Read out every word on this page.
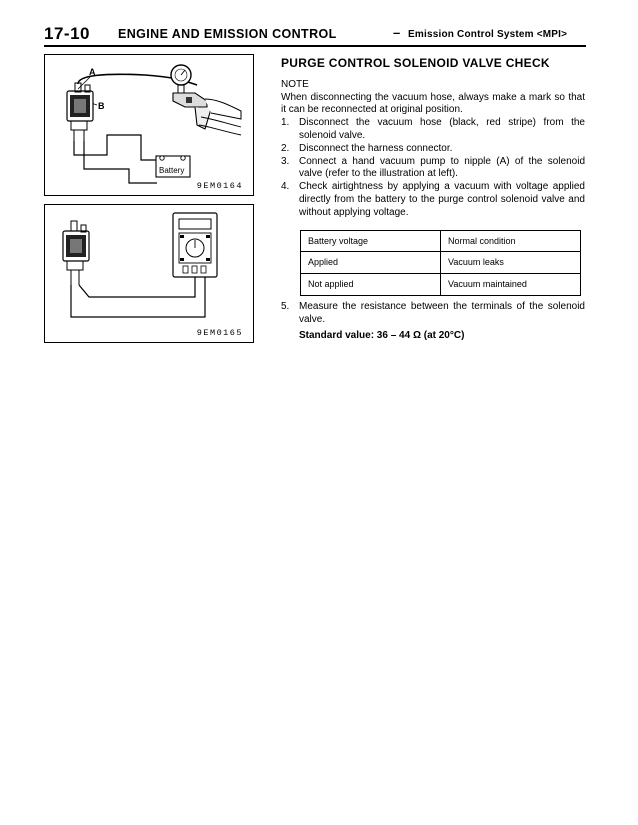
17-10 ENGINE AND EMISSION CONTROL	– Emission Control System <MPI>
A
B
Battery
9EM0164
9EM0165
PURGE CONTROL SOLENOID VALVE CHECK
NOTE
When disconnecting the vacuum hose, always make a mark so that it can be reconnected at original position.
1. Disconnect the vacuum hose (black, red stripe) from the solenoid valve.
2. Disconnect the harness connector.
3. Connect a hand vacuum pump to nipple (A) of the solenoid valve (refer to the illustration at left).
4. Check airtightness by applying a vacuum with voltage applied directly from the battery to the purge control solenoid valve and without applying voltage.
Battery voltage	Normal condition
Applied	Vacuum leaks
Not applied	Vacuum maintained
5. Measure the resistance between the terminals of the solenoid valve.
Standard value: 36 – 44 Ω (at 20°C)
